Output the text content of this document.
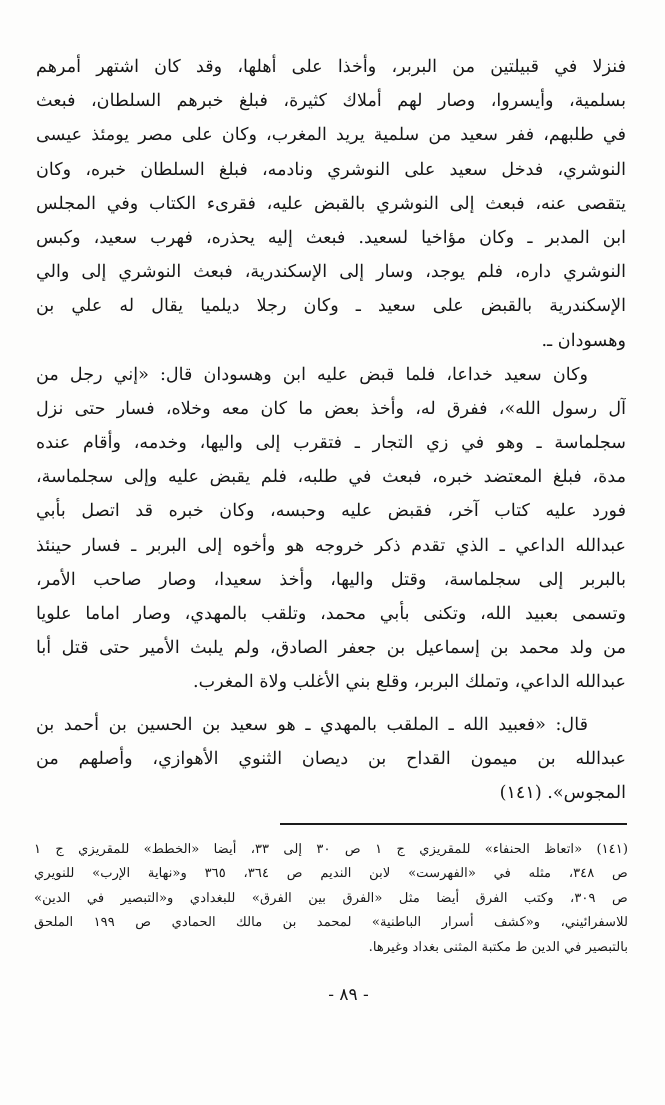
فنزلا في قبيلتين من البربر، وأخذا على أهلها، وقد كان اشتهر أمرهم
بسلمية، وأيسروا، وصار لهم أملاك كثيرة، فبلغ خبرهم السلطان، فبعث
في طلبهم، ففر سعيد من سلمية يريد المغرب، وكان على مصر يومئذ عيسى
النوشري، فدخل سعيد على النوشري ونادمه، فبلغ السلطان خبره، وكان
يتقصى عنه، فبعث إلى النوشري بالقبض عليه، فقرىء الكتاب وفي المجلس
ابن المدبر ـ وكان مؤاخيا لسعيد. فبعث إليه يحذره، فهرب سعيد، وكبس
النوشري داره، فلم يوجد، وسار إلى الإسكندرية، فبعث النوشري إلى والي
الإسكندرية بالقبض على سعيد ـ وكان رجلا ديلميا يقال له علي بن
وهسودان ـ.
وكان سعيد خداعا، فلما قبض عليه ابن وهسودان قال: «إني رجل من
آل رسول الله»، ففرق له، وأخذ بعض ما كان معه وخلاه، فسار حتى نزل
سجلماسة ـ وهو في زي التجار ـ فتقرب إلى واليها، وخدمه، وأقام عنده
مدة، فبلغ المعتضد خبره، فبعث في طلبه، فلم يقبض عليه وإلى سجلماسة،
فورد عليه كتاب آخر، فقبض عليه وحبسه، وكان خبره قد اتصل بأبي
عبدالله الداعي ـ الذي تقدم ذكر خروجه هو وأخوه إلى البربر ـ فسار حينئذ
بالبربر إلى سجلماسة، وقتل واليها، وأخذ سعيدا، وصار صاحب الأمر،
وتسمى بعبيد الله، وتكنى بأبي محمد، وتلقب بالمهدي، وصار اماما علويا
من ولد محمد بن إسماعيل بن جعفر الصادق، ولم يلبث الأمير حتى قتل أبا
عبدالله الداعي، وتملك البربر، وقلع بني الأغلب ولاة المغرب.
قال: «فعبيد الله ـ الملقب بالمهدي ـ هو سعيد بن الحسين بن أحمد بن
عبدالله بن ميمون القداح بن ديصان الثنوي الأهوازي، وأصلهم من
المجوس». (١٤١)
(١٤١) «اتعاظ الحنفاء» للمقريزي ج ١ ص ٣٠ إلى ٣٣، أيضا «الخطط» للمقريزي ج ١
ص ٣٤٨، مثله في «الفهرست» لابن النديم ص ٣٦٤، ٣٦٥ و«نهاية الإرب» للنويري
ص ٣٠٩، وكتب الفرق أيضا مثل «الفرق بين الفرق» للبغدادي و«التبصير في الدين»
للاسفرائيني، و«كشف أسرار الباطنية» لمحمد بن مالك الحمادي ص ١٩٩ الملحق
بالتبصير في الدين ط مكتبة المثنى بغداد وغيرها.
- ٨٩ -
